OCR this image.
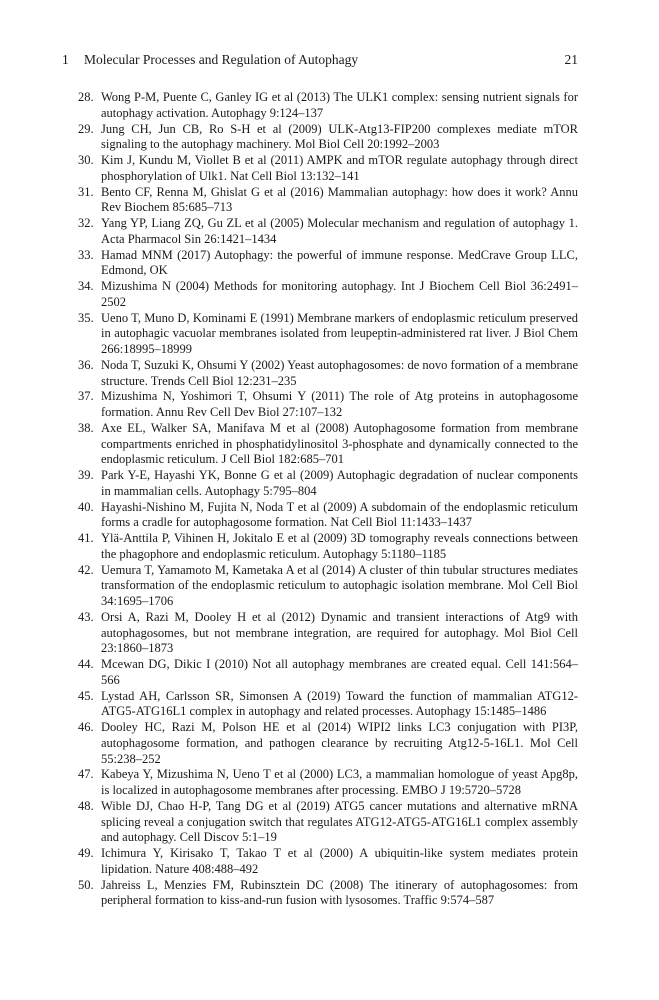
1 Molecular Processes and Regulation of Autophagy	21
28. Wong P-M, Puente C, Ganley IG et al (2013) The ULK1 complex: sensing nutrient signals for autophagy activation. Autophagy 9:124–137
29. Jung CH, Jun CB, Ro S-H et al (2009) ULK-Atg13-FIP200 complexes mediate mTOR signaling to the autophagy machinery. Mol Biol Cell 20:1992–2003
30. Kim J, Kundu M, Viollet B et al (2011) AMPK and mTOR regulate autophagy through direct phosphorylation of Ulk1. Nat Cell Biol 13:132–141
31. Bento CF, Renna M, Ghislat G et al (2016) Mammalian autophagy: how does it work? Annu Rev Biochem 85:685–713
32. Yang YP, Liang ZQ, Gu ZL et al (2005) Molecular mechanism and regulation of autophagy 1. Acta Pharmacol Sin 26:1421–1434
33. Hamad MNM (2017) Autophagy: the powerful of immune response. MedCrave Group LLC, Edmond, OK
34. Mizushima N (2004) Methods for monitoring autophagy. Int J Biochem Cell Biol 36:2491–2502
35. Ueno T, Muno D, Kominami E (1991) Membrane markers of endoplasmic reticulum preserved in autophagic vacuolar membranes isolated from leupeptin-administered rat liver. J Biol Chem 266:18995–18999
36. Noda T, Suzuki K, Ohsumi Y (2002) Yeast autophagosomes: de novo formation of a membrane structure. Trends Cell Biol 12:231–235
37. Mizushima N, Yoshimori T, Ohsumi Y (2011) The role of Atg proteins in autophagosome formation. Annu Rev Cell Dev Biol 27:107–132
38. Axe EL, Walker SA, Manifava M et al (2008) Autophagosome formation from membrane compartments enriched in phosphatidylinositol 3-phosphate and dynamically connected to the endoplasmic reticulum. J Cell Biol 182:685–701
39. Park Y-E, Hayashi YK, Bonne G et al (2009) Autophagic degradation of nuclear components in mammalian cells. Autophagy 5:795–804
40. Hayashi-Nishino M, Fujita N, Noda T et al (2009) A subdomain of the endoplasmic reticulum forms a cradle for autophagosome formation. Nat Cell Biol 11:1433–1437
41. Ylä-Anttila P, Vihinen H, Jokitalo E et al (2009) 3D tomography reveals connections between the phagophore and endoplasmic reticulum. Autophagy 5:1180–1185
42. Uemura T, Yamamoto M, Kametaka A et al (2014) A cluster of thin tubular structures mediates transformation of the endoplasmic reticulum to autophagic isolation membrane. Mol Cell Biol 34:1695–1706
43. Orsi A, Razi M, Dooley H et al (2012) Dynamic and transient interactions of Atg9 with autophagosomes, but not membrane integration, are required for autophagy. Mol Biol Cell 23:1860–1873
44. Mcewan DG, Dikic I (2010) Not all autophagy membranes are created equal. Cell 141:564–566
45. Lystad AH, Carlsson SR, Simonsen A (2019) Toward the function of mammalian ATG12-ATG5-ATG16L1 complex in autophagy and related processes. Autophagy 15:1485–1486
46. Dooley HC, Razi M, Polson HE et al (2014) WIPI2 links LC3 conjugation with PI3P, autophagosome formation, and pathogen clearance by recruiting Atg12-5-16L1. Mol Cell 55:238–252
47. Kabeya Y, Mizushima N, Ueno T et al (2000) LC3, a mammalian homologue of yeast Apg8p, is localized in autophagosome membranes after processing. EMBO J 19:5720–5728
48. Wible DJ, Chao H-P, Tang DG et al (2019) ATG5 cancer mutations and alternative mRNA splicing reveal a conjugation switch that regulates ATG12-ATG5-ATG16L1 complex assembly and autophagy. Cell Discov 5:1–19
49. Ichimura Y, Kirisako T, Takao T et al (2000) A ubiquitin-like system mediates protein lipidation. Nature 408:488–492
50. Jahreiss L, Menzies FM, Rubinsztein DC (2008) The itinerary of autophagosomes: from peripheral formation to kiss-and-run fusion with lysosomes. Traffic 9:574–587
